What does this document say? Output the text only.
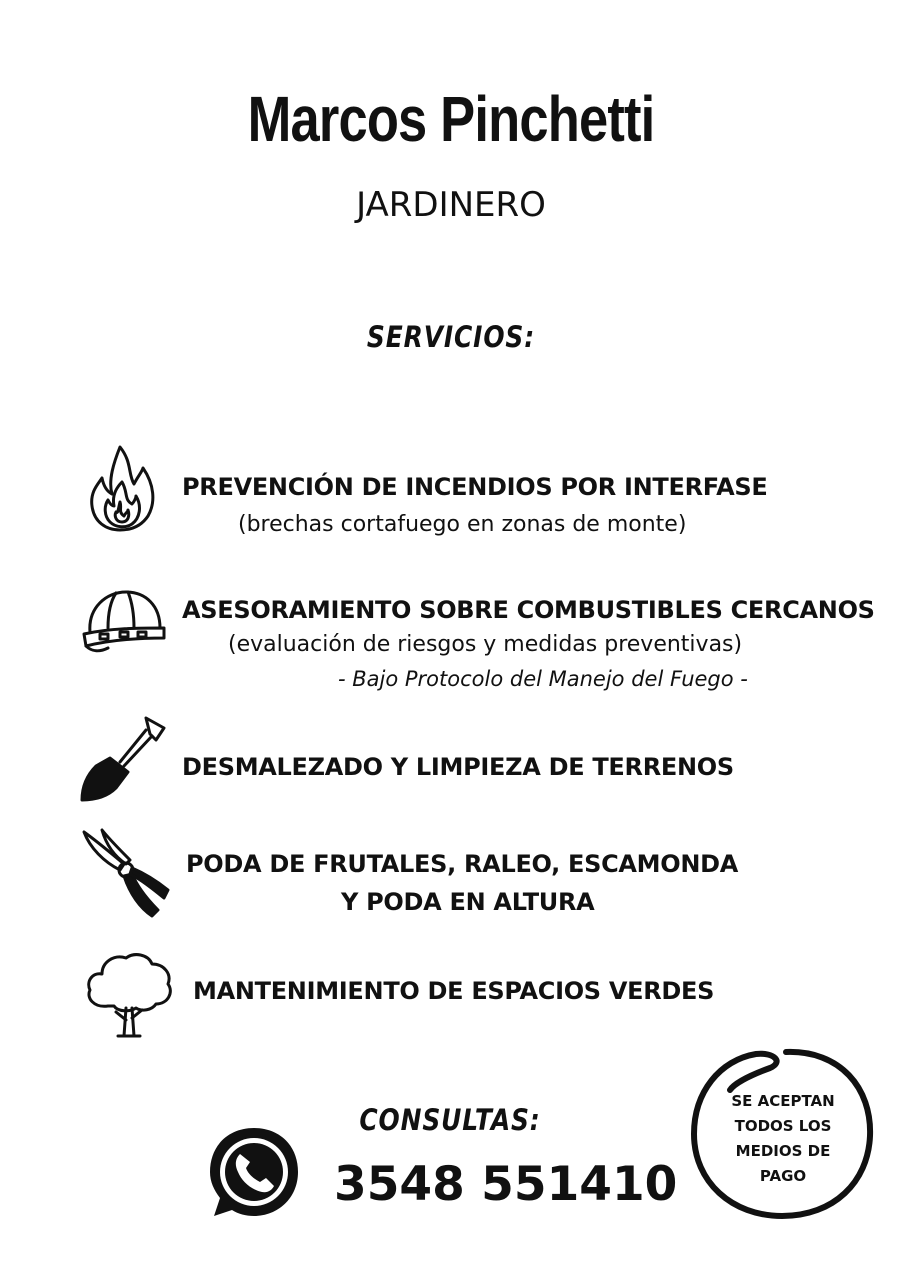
Marcos Pinchetti
JARDINERO
SERVICIOS:
PREVENCIÓN DE INCENDIOS POR INTERFASE
(brechas cortafuego en zonas de monte)
ASESORAMIENTO SOBRE COMBUSTIBLES CERCANOS
(evaluación de riesgos y medidas preventivas)
- Bajo Protocolo del Manejo del Fuego -
DESMALEZADO Y LIMPIEZA DE TERRENOS
PODA DE FRUTALES, RALEO, ESCAMONDA
Y PODA EN ALTURA
MANTENIMIENTO DE ESPACIOS VERDES
CONSULTAS:
3548 551410
SE ACEPTAN
TODOS LOS
MEDIOS DE
PAGO
